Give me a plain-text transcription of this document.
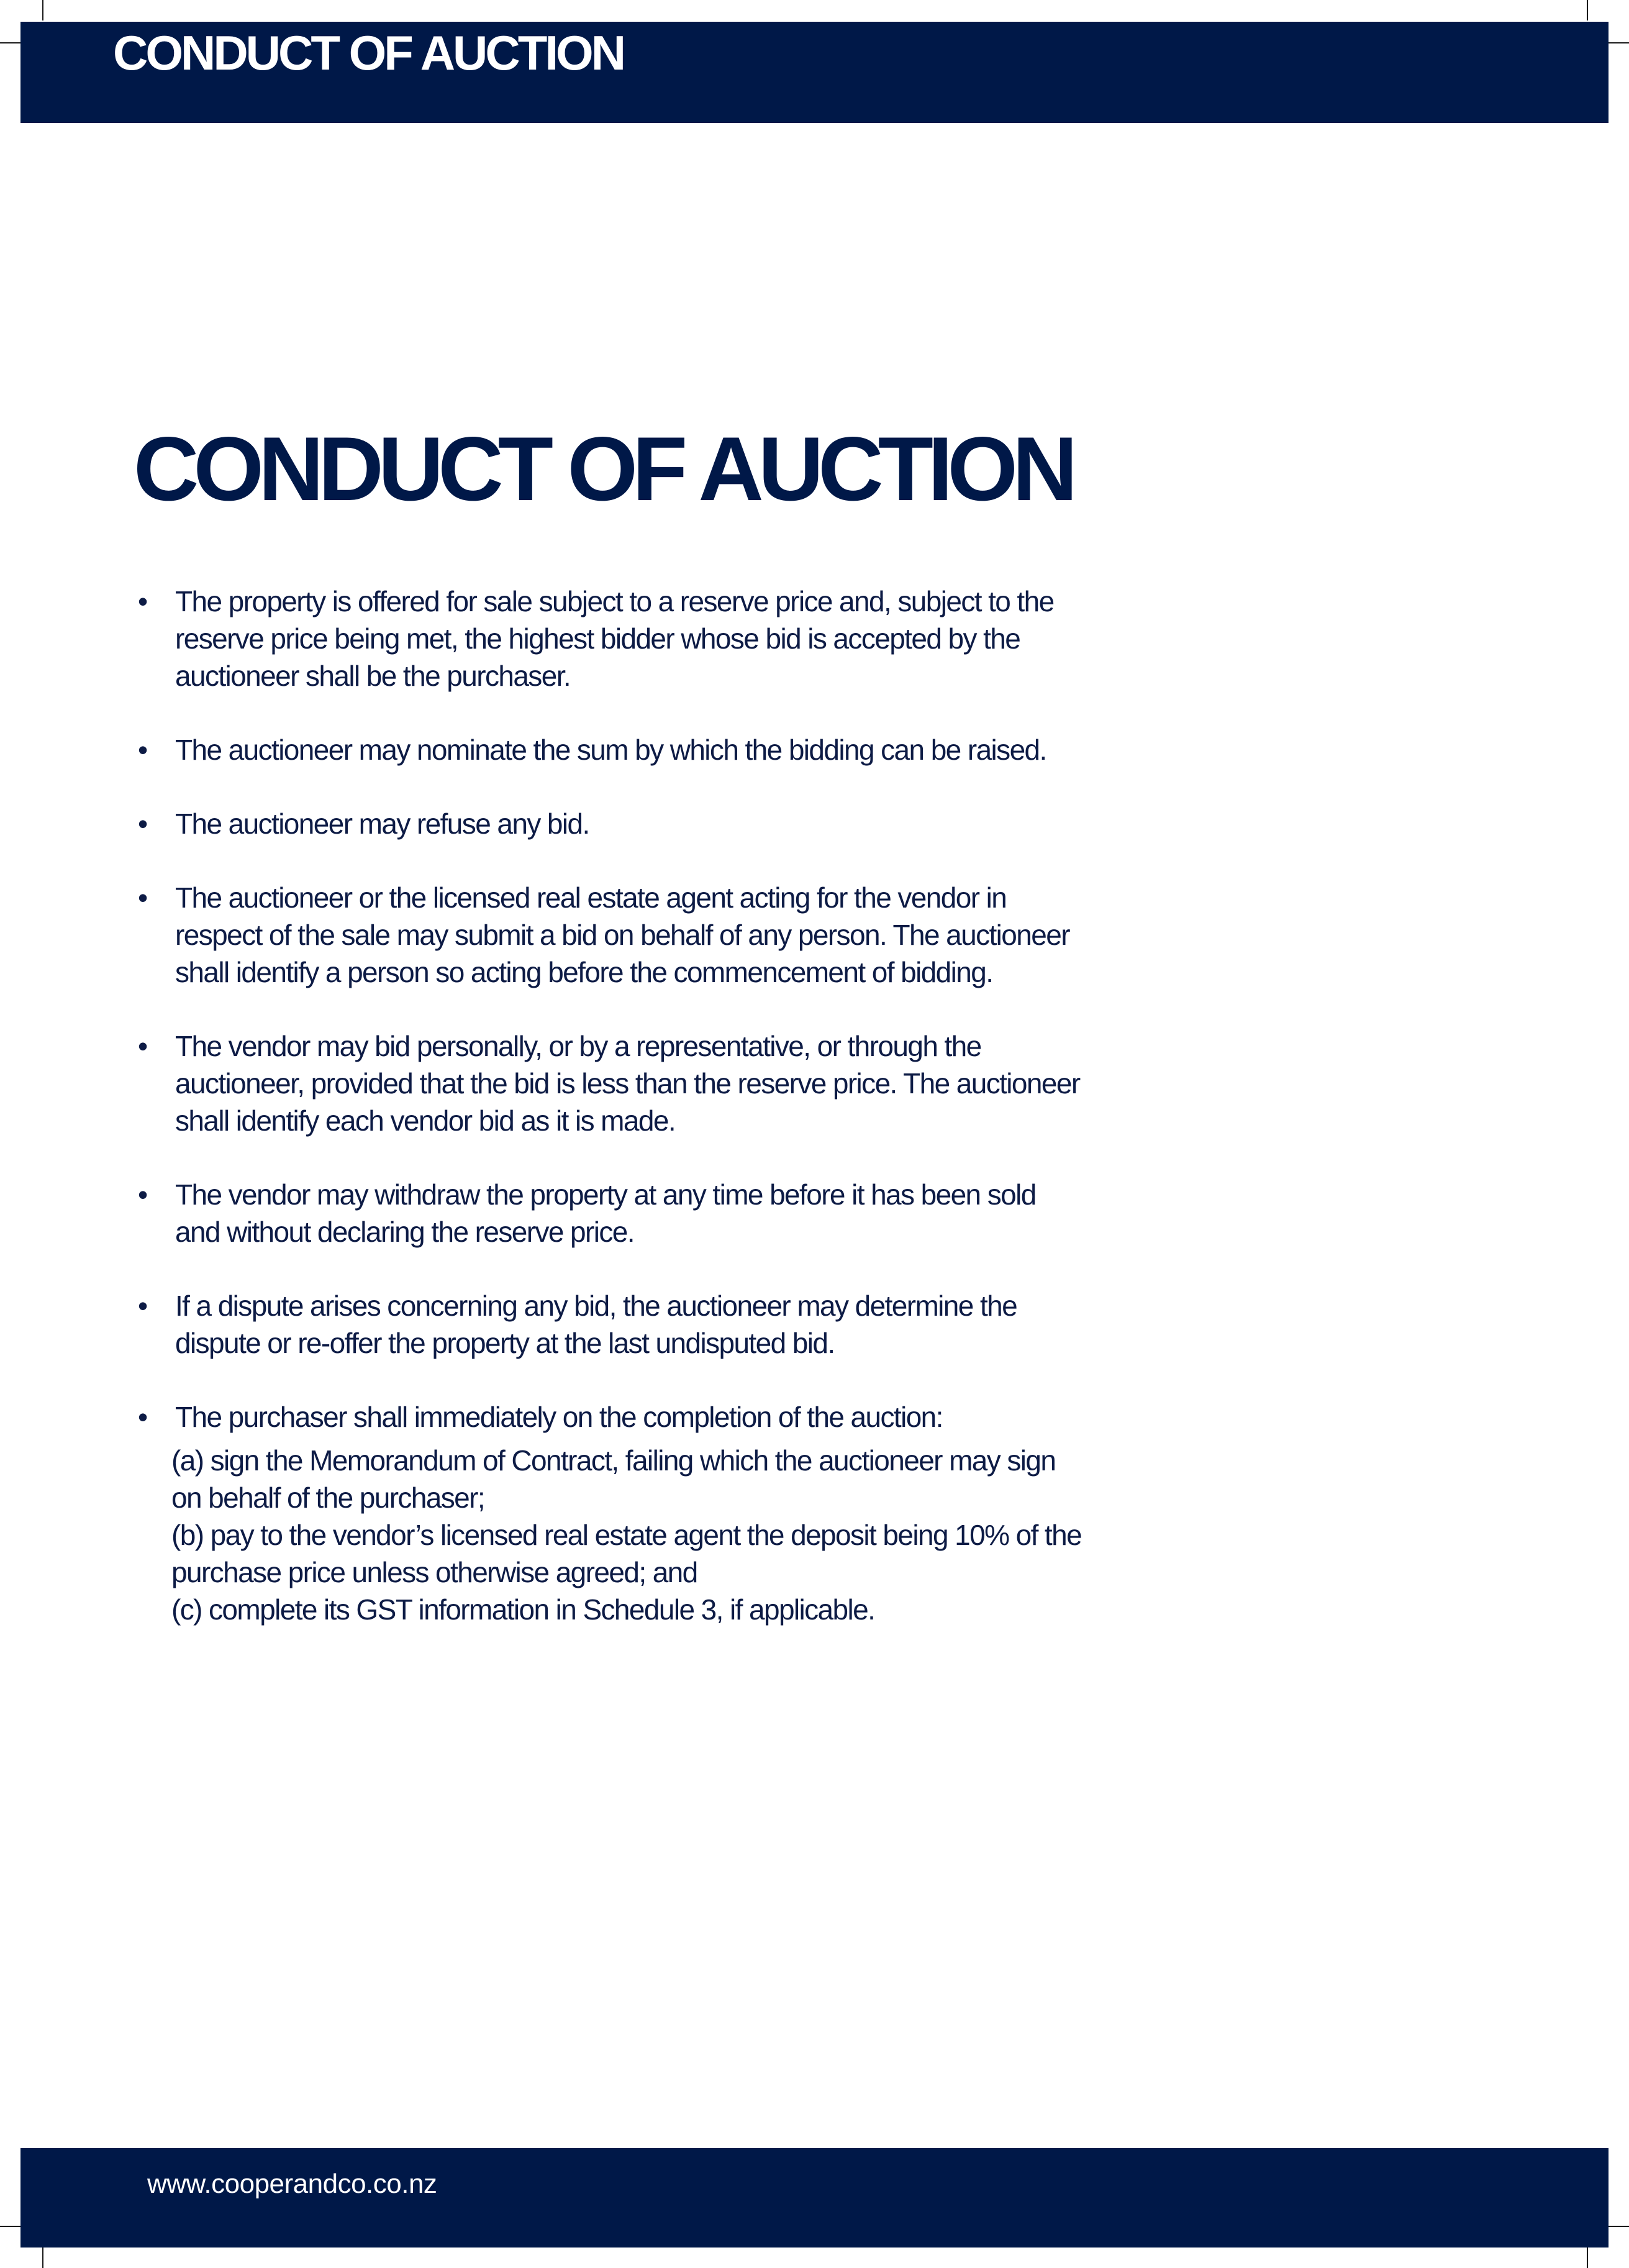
CONDUCT OF AUCTION
CONDUCT OF AUCTION
• The property is offered for sale subject to a reserve price and, subject to the reserve price being met, the highest bidder whose bid is accepted by the auctioneer shall be the purchaser.
• The auctioneer may nominate the sum by which the bidding can be raised.
• The auctioneer may refuse any bid.
• The auctioneer or the licensed real estate agent acting for the vendor in respect of the sale may submit a bid on behalf of any person. The auctioneer shall identify a person so acting before the commencement of bidding.
• The vendor may bid personally, or by a representative, or through the auctioneer, provided that the bid is less than the reserve price. The auctioneer shall identify each vendor bid as it is made.
• The vendor may withdraw the property at any time before it has been sold and without declaring the reserve price.
• If a dispute arises concerning any bid, the auctioneer may determine the dispute or re-offer the property at the last undisputed bid.
• The purchaser shall immediately on the completion of the auction:
(a) sign the Memorandum of Contract, failing which the auctioneer may sign on behalf of the purchaser;
(b) pay to the vendor’s licensed real estate agent the deposit being 10% of the purchase price unless otherwise agreed; and
(c) complete its GST information in Schedule 3, if applicable.

www.cooperandco.co.nz
